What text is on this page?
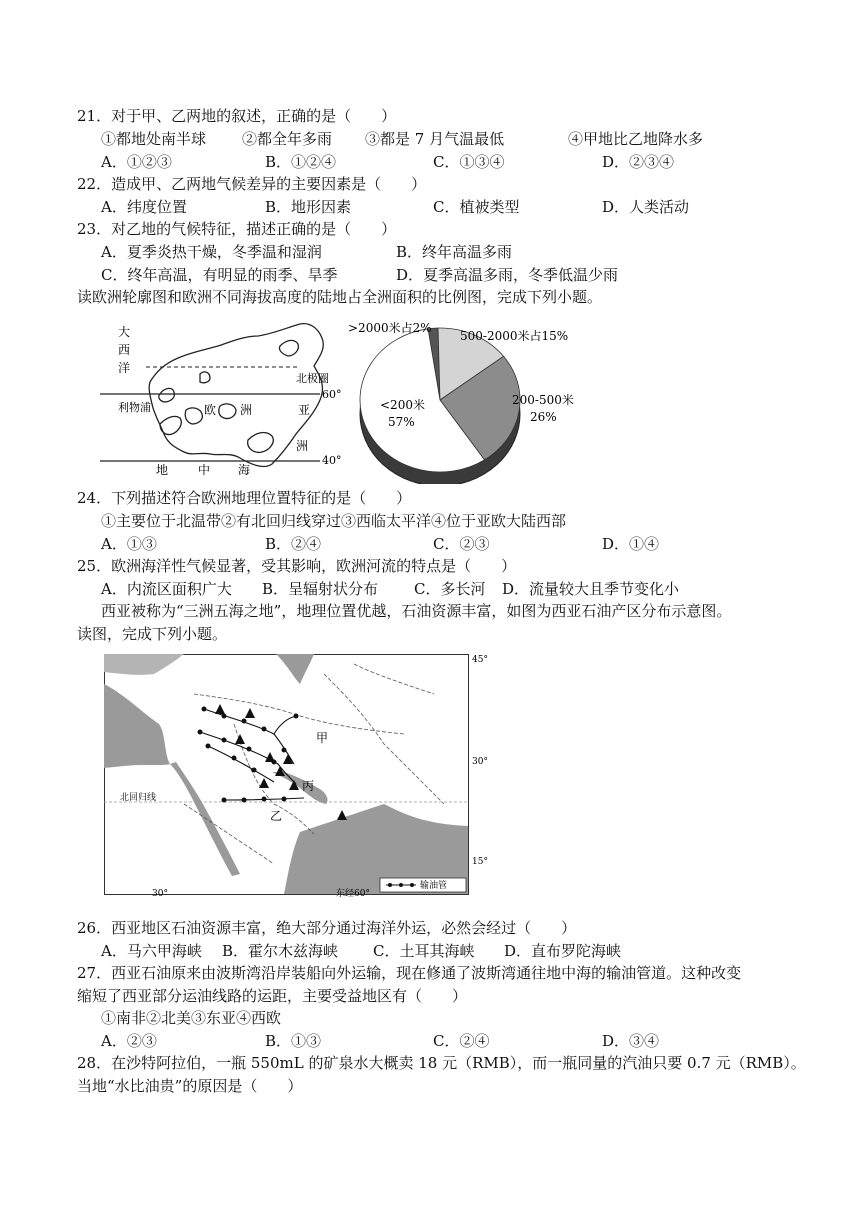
21．对于甲、乙两地的叙述，正确的是（　　）
①都地处南半球 ②都全年多雨 ③都是 7 月气温最低	④甲地比乙地降水多
A．①②③	B．①②④	C．①③④	D．②③④
22．造成甲、乙两地气候差异的主要因素是（　　）
A．纬度位置	B．地形因素	C．植被类型	D．人类活动
23．对乙地的气候特征，描述正确的是（　　）
A．夏季炎热干燥，冬季温和湿润	B．终年高温多雨
C．终年高温，有明显的雨季、旱季	D．夏季高温多雨，冬季低温少雨
读欧洲轮廓图和欧洲不同海拔高度的陆地占全洲面积的比例图，完成下列小题。
大
西
洋
北极圈
60°
利物浦	欧 洲	亚
洲
地 中 海
40°
>2000米占2%
500-2000米占15%
200-500米
26%
<200米
57%
24．下列描述符合欧洲地理位置特征的是（　　）
①主要位于北温带②有北回归线穿过③西临太平洋④位于亚欧大陆西部
A．①③	B．②④	C．②③	D．①④
25．欧洲海洋性气候显著，受其影响，欧洲河流的特点是（　　）
A．内流区面积广大 B．呈辐射状分布 C．多长河 D．流量较大且季节变化小
西亚被称为“三洲五海之地”，地理位置优越，石油资源丰富，如图为西亚石油产区分布示意图。
读图，完成下列小题。
45°
30°
15°
30°	东经60°
北回归线
甲
乙
丙
输油管
26．西亚地区石油资源丰富，绝大部分通过海洋外运，必然会经过（　　）
A．马六甲海峡 B．霍尔木兹海峡 C．土耳其海峡 D．直布罗陀海峡
27．西亚石油原来由波斯湾沿岸装船向外运输，现在修通了波斯湾通往地中海的输油管道。这种改变
缩短了西亚部分运油线路的运距，主要受益地区有（　　）
①南非②北美③东亚④西欧
A．②③	B．①③	C．②④	D．③④
28．在沙特阿拉伯，一瓶 550mL 的矿泉水大概卖 18 元（RMB），而一瓶同量的汽油只要 0.7 元（RMB）。
当地“水比油贵”的原因是（　　）
